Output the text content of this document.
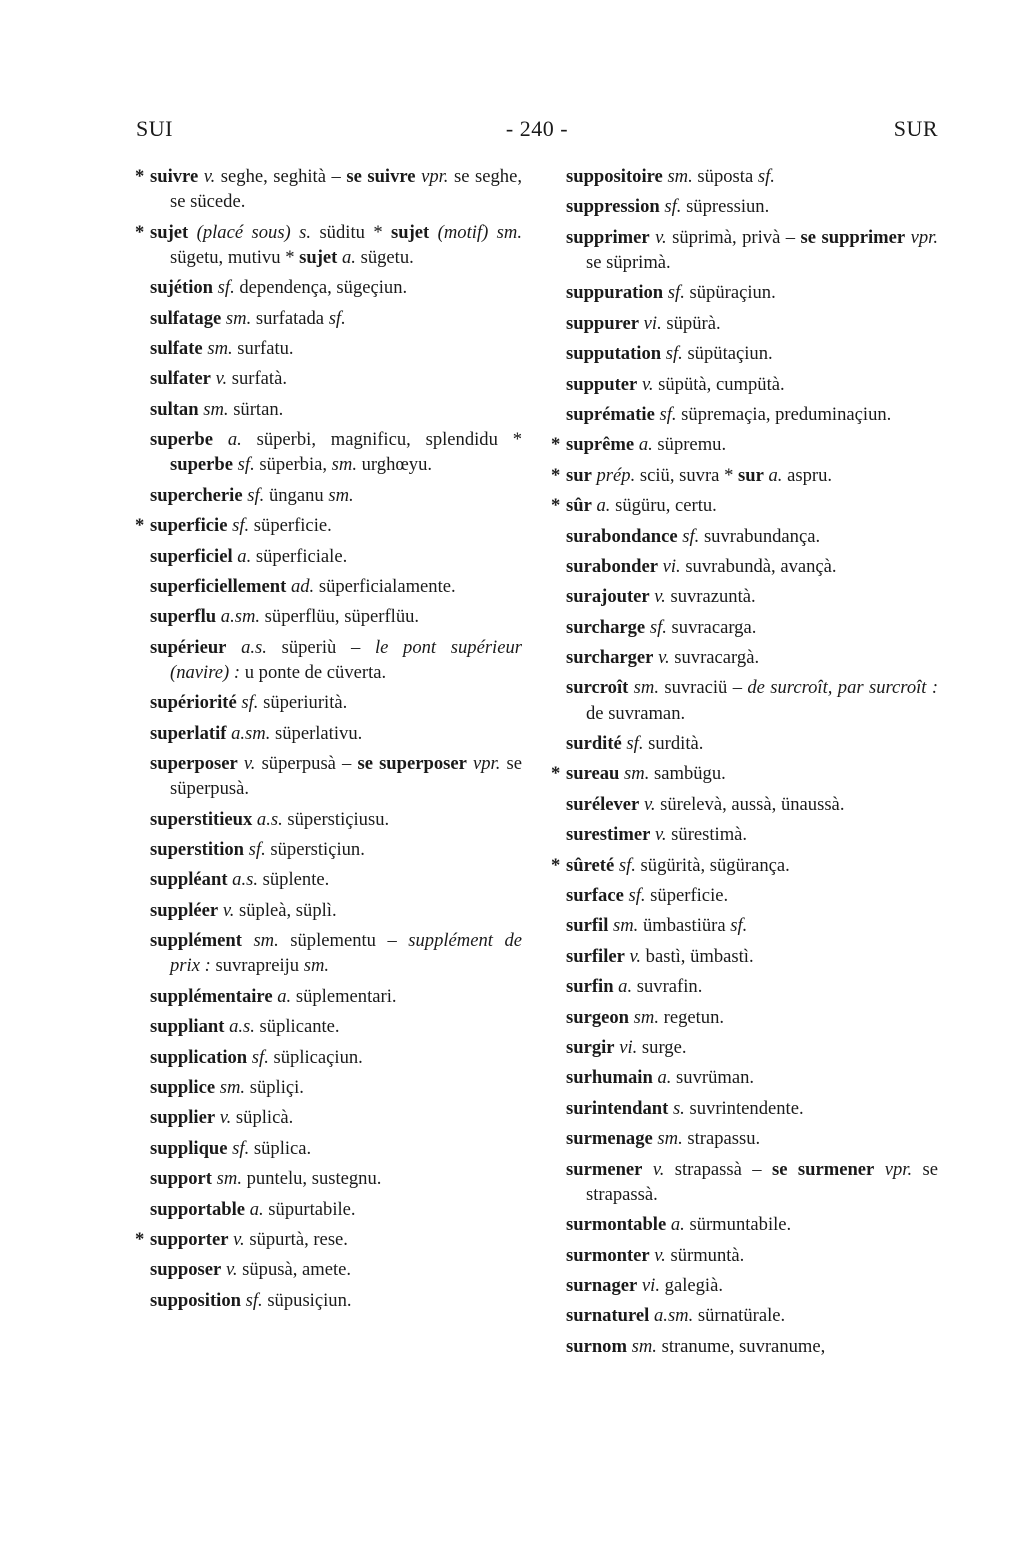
SUI	- 240 -	SUR
* suivre v. seghe, seghità – se suivre vpr. se seghe, se sücede.
* sujet (placé sous) s. süditu * sujet (motif) sm. sügetu, mutivu * sujet a. sügetu.
sujétion sf. dependença, sügeçiun.
sulfatage sm. surfatada sf.
sulfate sm. surfatu.
sulfater v. surfatà.
sultan sm. sürtan.
superbe a. süperbi, magnificu, splendidu * superbe sf. süperbia, sm. urghœyu.
supercherie sf. ünganu sm.
* superficie sf. süperficie.
superficiel a. süperficiale.
superficiellement ad. süperficialamente.
superflu a.sm. süperflüu, süperflüu.
supérieur a.s. süperiù – le pont supérieur (navire) : u ponte de cüverta.
supériorité sf. süperiurità.
superlatif a.sm. süperlativu.
superposer v. süperpusà – se superposer vpr. se süperpusà.
superstitieux a.s. süperstiçiusu.
superstition sf. süperstiçiun.
suppléant a.s. süplente.
suppléer v. süpleà, süplì.
supplément sm. süplementu – supplément de prix : suvrapreiju sm.
supplémentaire a. süplementari.
suppliant a.s. süplicante.
supplication sf. süplicaçiun.
supplice sm. süpliçi.
supplier v. süplicà.
supplique sf. süplica.
support sm. puntelu, sustegnu.
supportable a. süpurtabile.
* supporter v. süpurtà, rese.
supposer v. süpusà, amete.
supposition sf. süpusiçiun.
suppositoire sm. süposta sf.
suppression sf. süpressiun.
supprimer v. süprimà, privà – se supprimer vpr. se süprimà.
suppuration sf. süpüraçiun.
suppurer vi. süpürà.
supputation sf. süpütaçiun.
supputer v. süpütà, cumpütà.
suprématie sf. süpremaçia, preduminaçiun.
* suprême a. süpremu.
* sur prép. sciü, suvra * sur a. aspru.
* sûr a. sügüru, certu.
surabondance sf. suvrabundança.
surabonder vi. suvrabundà, avançà.
surajouter v. suvrazuntà.
surcharge sf. suvracarga.
surcharger v. suvracargà.
surcroît sm. suvraciü – de surcroît, par surcroît : de suvraman.
surdité sf. surdità.
* sureau sm. sambügu.
surélever v. sürelevà, aussà, ünaussà.
surestimer v. sürestimà.
* sûreté sf. sügürità, sügürança.
surface sf. süperficie.
surfil sm. ümbastiüra sf.
surfiler v. bastì, ümbastì.
surfin a. suvrafin.
surgeon sm. regetun.
surgir vi. surge.
surhumain a. suvrüman.
surintendant s. suvrintendente.
surmenage sm. strapassu.
surmener v. strapassà – se surmener vpr. se strapassà.
surmontable a. sürmuntabile.
surmonter v. sürmuntà.
surnager vi. galegià.
surnaturel a.sm. sürnatürale.
surnom sm. stranume, suvranume,
